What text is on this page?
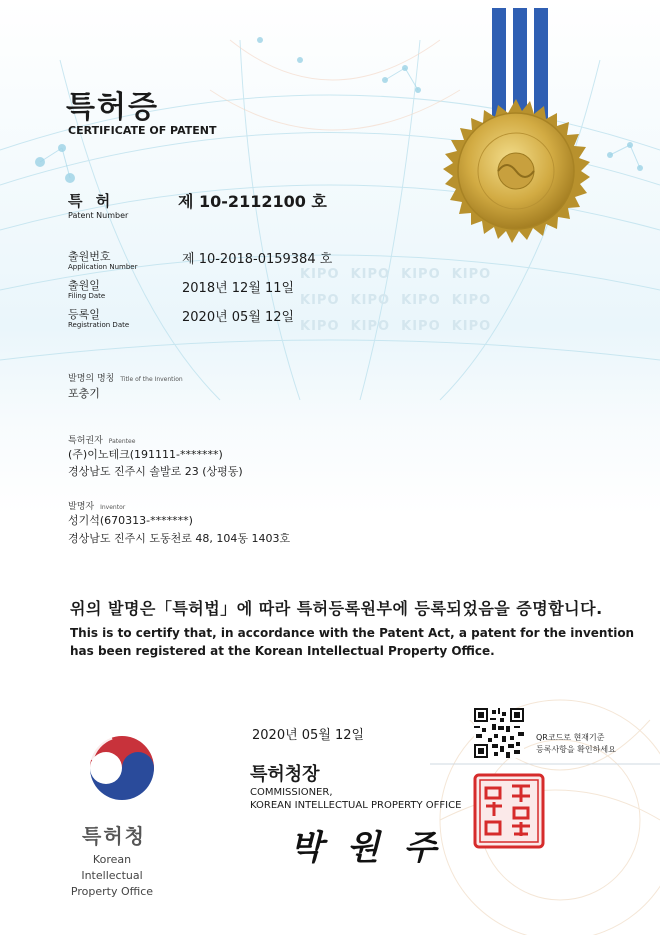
특허증
CERTIFICATE OF PATENT
특 허
Patent Number
제 10-2112100 호
KIPO KIPO KIPO KIPO
KIPO KIPO KIPO KIPO
KIPO KIPO KIPO KIPO
출원번호
Application Number	제 10-2018-0159384 호
출원일
Filing Date	2018년 12월 11일
등록일
Registration Date	2020년 05월 12일
발명의 명칭 Title of the Invention
포충기
특허권자 Patentee
(주)이노테크(191111-*******)
경상남도 진주시 솔발로 23 (상평동)
발명자 Inventor
성기석(670313-*******)
경상남도 진주시 도동천로 48, 104동 1403호
위의 발명은「특허법」에 따라 특허등록원부에 등록되었음을 증명합니다.
This is to certify that, in accordance with the Patent Act, a patent for the invention
has been registered at the Korean Intellectual Property Office.
2020년 05월 12일	QR코드로 현재기준
등록사항을 확인하세요
특허청장
COMMISSIONER,
KOREAN INTELLECTUAL PROPERTY OFFICE
박 원 주
특허청
Korean Intellectual
Property Office
